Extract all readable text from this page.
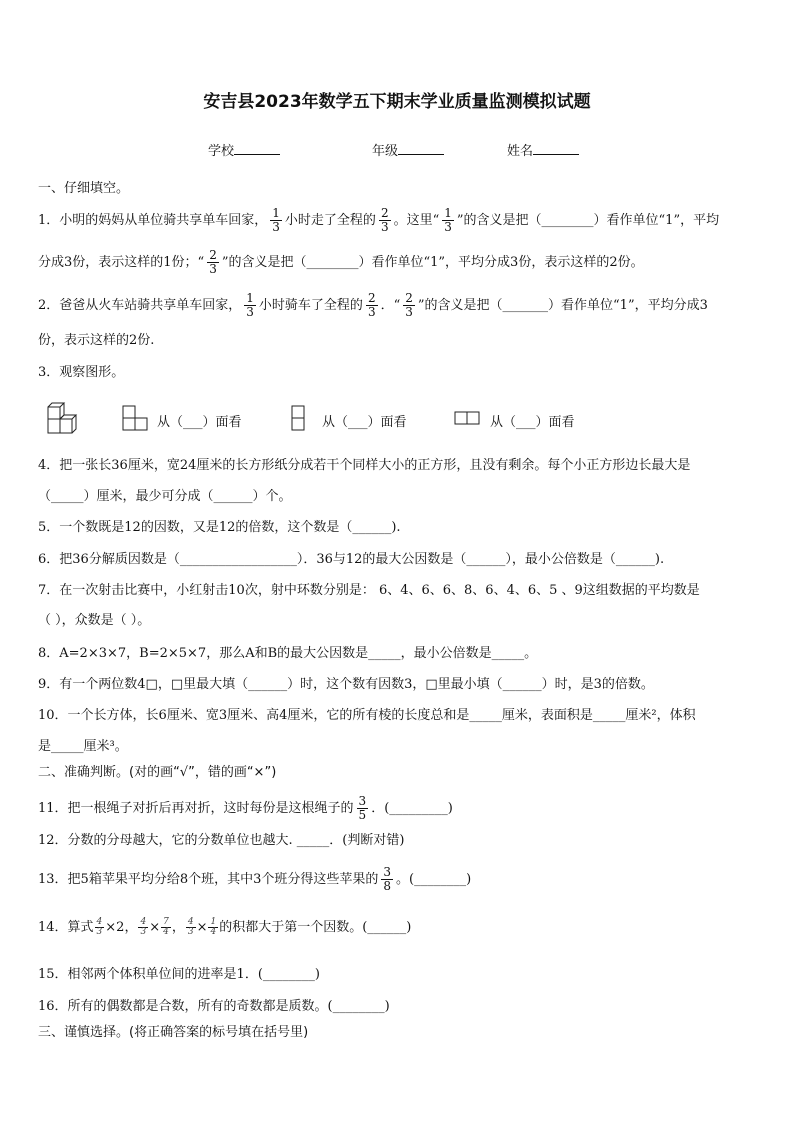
安吉县2023年数学五下期末学业质量监测模拟试题
学校	年级	姓名
一、仔细填空。
1．小明的妈妈从单位骑共享单车回家， $\frac{1}{3}$ 小时走了全程的 $\frac{2}{3}$ 。这里“ $\frac{1}{3}$ ”的含义是把（________）看作单位“1”，平均
分成3份，表示这样的1份；“ $\frac{2}{3}$ ”的含义是把（________）看作单位“1”，平均分成3份，表示这样的2份。
2．爸爸从火车站骑共享单车回家， $\frac{1}{3}$ 小时骑车了全程的 $\frac{2}{3}$ ．“ $\frac{2}{3}$ ”的含义是把（_______）看作单位“1”，平均分成3
份，表示这样的2份.
3．观察图形。
从（___）面看	从（___）面看	从（___）面看
4．把一张长36厘米，宽24厘米的长方形纸分成若干个同样大小的正方形，且没有剩余。每个小正方形边长最大是
（_____）厘米，最少可分成（______）个。
5．一个数既是12的因数，又是12的倍数，这个数是（______).
6．把36分解质因数是（__________________）．36与12的最大公因数是（______），最小公倍数是（______).
7．在一次射击比赛中，小红射击10次，射中环数分别是： 6、4、6、6、8、6、4、6、5 、9这组数据的平均数是
（ ），众数是（ ）。
8．A=2×3×7，B=2×5×7，那么A和B的最大公因数是_____，最小公倍数是_____。
9．有一个两位数4□，□里最大填（______）时，这个数有因数3，□里最小填（______）时，是3的倍数。
10．一个长方体，长6厘米、宽3厘米、高4厘米，它的所有棱的长度总和是_____厘米，表面积是_____厘米²，体积
是_____厘米³。
二、准确判断。(对的画“√”，错的画“×”)
11．把一根绳子对折后再对折，这时每份是这根绳子的 $\frac{3}{5}$ ．(_________)
12．分数的分母越大，它的分数单位也越大. _____．(判断对错)
13．把5箱苹果平均分给8个班，其中3个班分得这些苹果的 $\frac{3}{8}$ 。(________)
14．算式 $\frac{4}{3} \times 2$， $\frac{4}{3} \times \frac{7}{4}$ ， $\frac{4}{3} \times \frac{1}{4}$ 的积都大于第一个因数。(______)
15．相邻两个体积单位间的进率是1．(________)
16．所有的偶数都是合数，所有的奇数都是质数。(________)
三、谨慎选择。(将正确答案的标号填在括号里)
